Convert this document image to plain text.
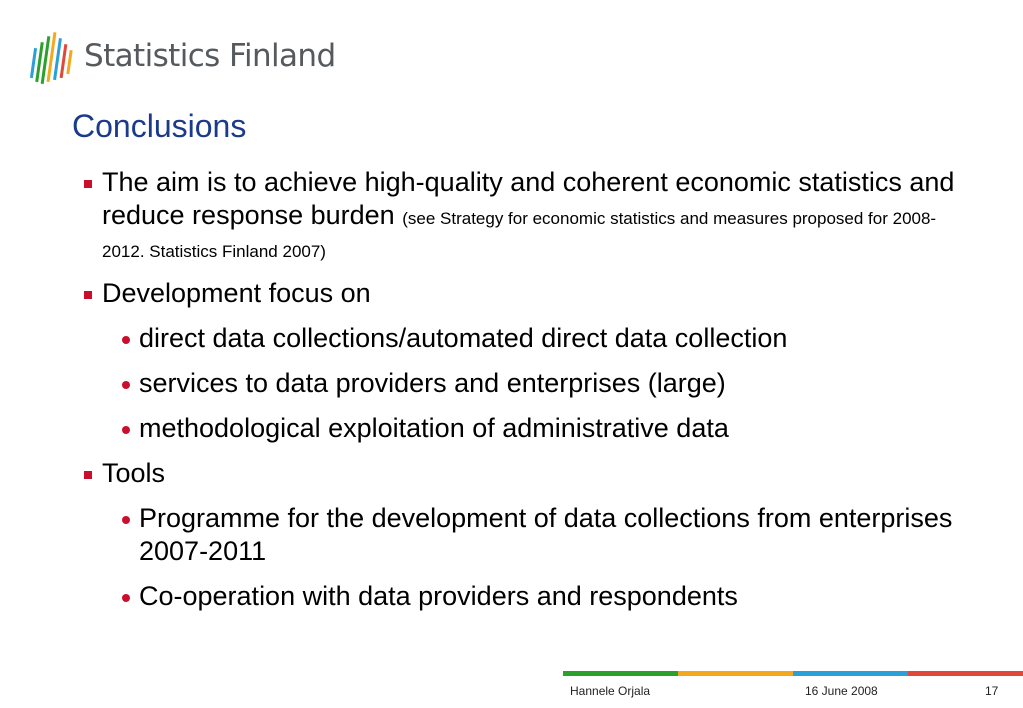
Statistics Finland
Conclusions
The aim is to achieve high-quality and coherent economic statistics and reduce response burden (see Strategy for economic statistics and measures proposed for 2008-2012. Statistics Finland 2007)
Development focus on
direct data collections/automated direct data collection
services to data providers and enterprises (large)
methodological exploitation of administrative data
Tools
Programme for the development of data collections from enterprises 2007-2011
Co-operation with data providers and respondents
Hannele Orjala	16 June 2008	17
